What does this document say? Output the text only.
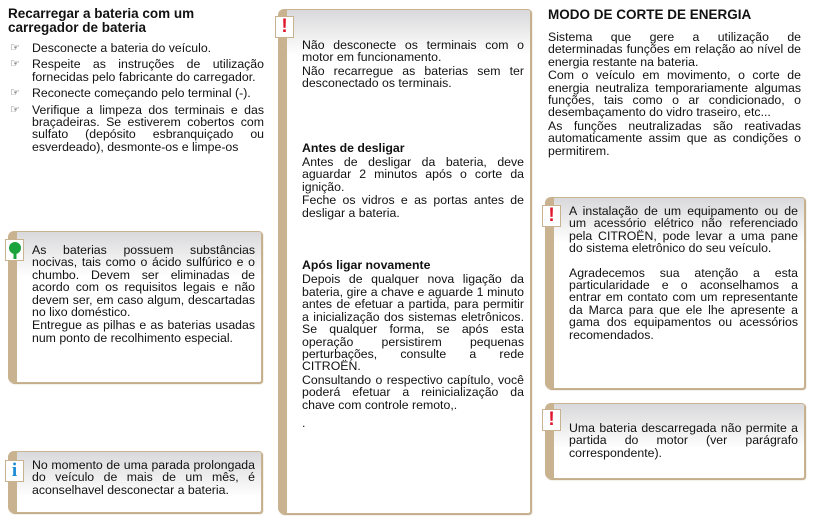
Recarregar a bateria com um carregador de bateria
☞ Desconecte a bateria do veículo.
☞ Respeite as instruções de utilização fornecidas pelo fabricante do carregador.
☞ Reconecte começando pelo terminal (-).
☞ Verifique a limpeza dos terminais e das braçadeiras. Se estiverem cobertos com sulfato (depósito esbranquiçado ou esverdeado), desmonte-os e limpe-os

As baterias possuem substâncias nocivas, tais como o ácido sulfúrico e o chumbo. Devem ser eliminadas de acordo com os requisitos legais e não devem ser, em caso algum, descartadas no lixo doméstico.

Entregue as pilhas e as baterias usadas num ponto de recolhimento especial.

i	No momento de uma parada prolongada do veículo de mais de um mês, é aconselhavel desconectar a bateria.

!

Não desconecte os terminais com o motor em funcionamento.

Não recarregue as baterias sem ter desconectado os terminais.

Antes de desligar

Antes de desligar da bateria, deve aguardar 2 minutos após o corte da ignição.

Feche os vidros e as portas antes de desligar a bateria.

Após ligar novamente

Depois de qualquer nova ligação da bateria, gire a chave e aguarde 1 minuto antes de efetuar a partida, para permitir a inicialização dos sistemas eletrônicos. Se qualquer forma, se após esta operação persistirem pequenas perturbações, consulte a rede CITROËN.

Consultando o respectivo capítulo, você poderá efetuar a reinicialização da chave com controle remoto,.

.

MODO DE CORTE DE ENERGIA

Sistema que gere a utilização de determinadas funções em relação ao nível de energia restante na bateria.

Com o veículo em movimento, o corte de energia neutraliza temporariamente algumas funções, tais como o ar condicionado, o desembaçamento do vidro traseiro, etc...

As funções neutralizadas são reativadas automaticamente assim que as condições o permitirem.

!	A instalação de um equipamento ou de um acessório elétrico não referenciado pela CITROËN, pode levar a uma pane do sistema eletrônico do seu veículo.

Agradecemos sua atenção a esta particularidade e o aconselhamos a entrar em contato com um representante da Marca para que ele lhe apresente a gama dos equipamentos ou acessórios recomendados.

!	Uma bateria descarregada não permite a partida do motor (ver parágrafo correspondente).
